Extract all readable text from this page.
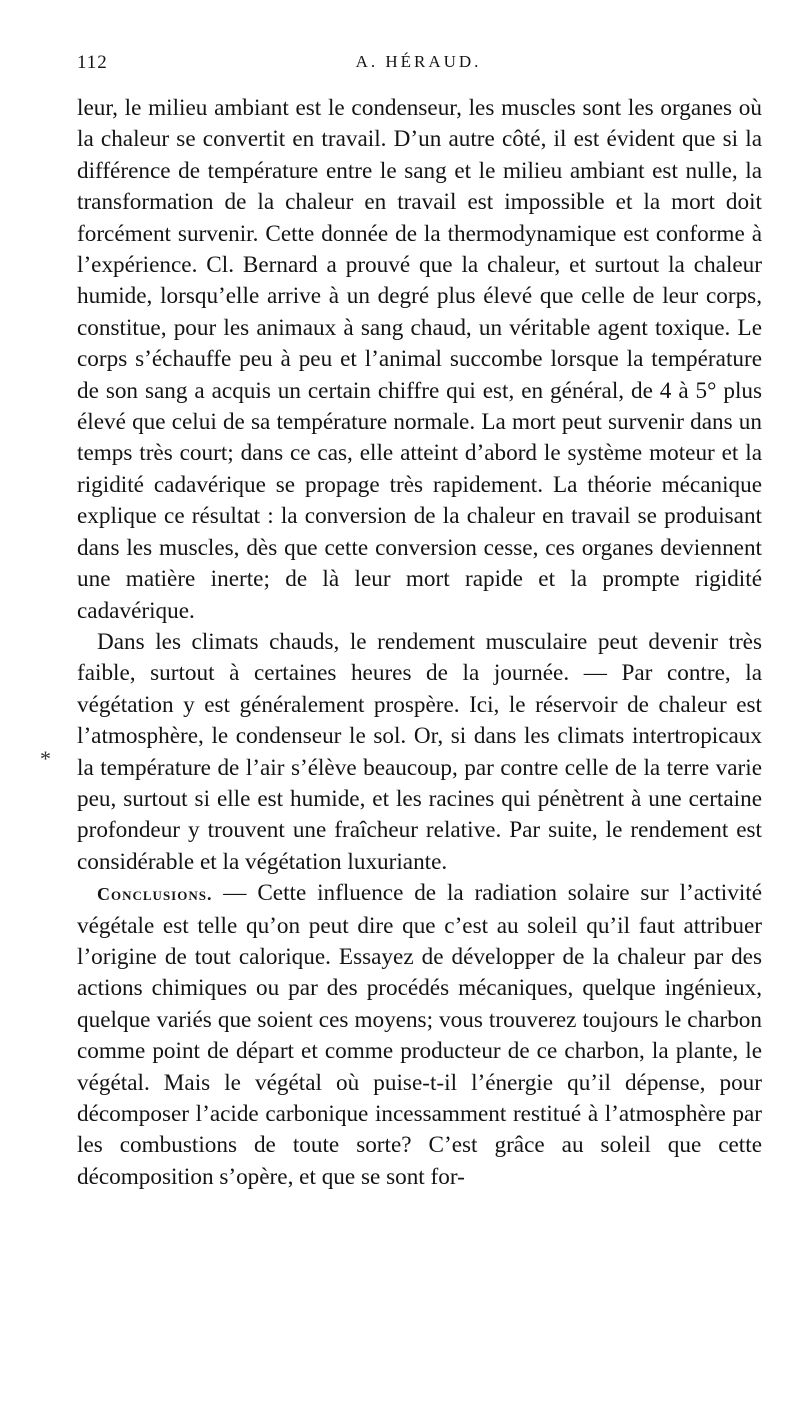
112	A. HÉRAUD.
*

leur, le milieu ambiant est le condenseur, les muscles sont les organes où la chaleur se convertit en travail. D’un autre côté, il est évident que si la différence de température entre le sang et le milieu ambiant est nulle, la transformation de la chaleur en travail est impossible et la mort doit forcément survenir. Cette donnée de la thermodynamique est conforme à l’expérience. Cl. Bernard a prouvé que la chaleur, et surtout la chaleur humide, lorsqu’elle arrive à un degré plus élevé que celle de leur corps, constitue, pour les animaux à sang chaud, un véritable agent toxique. Le corps s’échauffe peu à peu et l’animal succombe lorsque la température de son sang a acquis un certain chiffre qui est, en général, de 4 à 5° plus élevé que celui de sa température normale. La mort peut survenir dans un temps très court; dans ce cas, elle atteint d’abord le système moteur et la rigidité cadavérique se propage très rapidement. La théorie mécanique explique ce résultat : la conversion de la chaleur en travail se produisant dans les muscles, dès que cette conversion cesse, ces organes deviennent une matière inerte; de là leur mort rapide et la prompte rigidité cadavérique.

Dans les climats chauds, le rendement musculaire peut devenir très faible, surtout à certaines heures de la journée. — Par contre, la végétation y est généralement prospère. Ici, le réservoir de chaleur est l’atmosphère, le condenseur le sol. Or, si dans les climats intertropicaux la température de l’air s’élève beaucoup, par contre celle de la terre varie peu, surtout si elle est humide, et les racines qui pénètrent à une certaine profondeur y trouvent une fraîcheur relative. Par suite, le rendement est considérable et la végétation luxuriante.

Conclusions. — Cette influence de la radiation solaire sur l’activité végétale est telle qu’on peut dire que c’est au soleil qu’il faut attribuer l’origine de tout calorique. Essayez de développer de la chaleur par des actions chimiques ou par des procédés mécaniques, quelque ingénieux, quelque variés que soient ces moyens; vous trouverez toujours le charbon comme point de départ et comme producteur de ce charbon, la plante, le végétal. Mais le végétal où puise-t-il l’énergie qu’il dépense, pour décomposer l’acide carbonique incessamment restitué à l’atmosphère par les combustions de toute sorte? C’est grâce au soleil que cette décomposition s’opère, et que se sont for-
